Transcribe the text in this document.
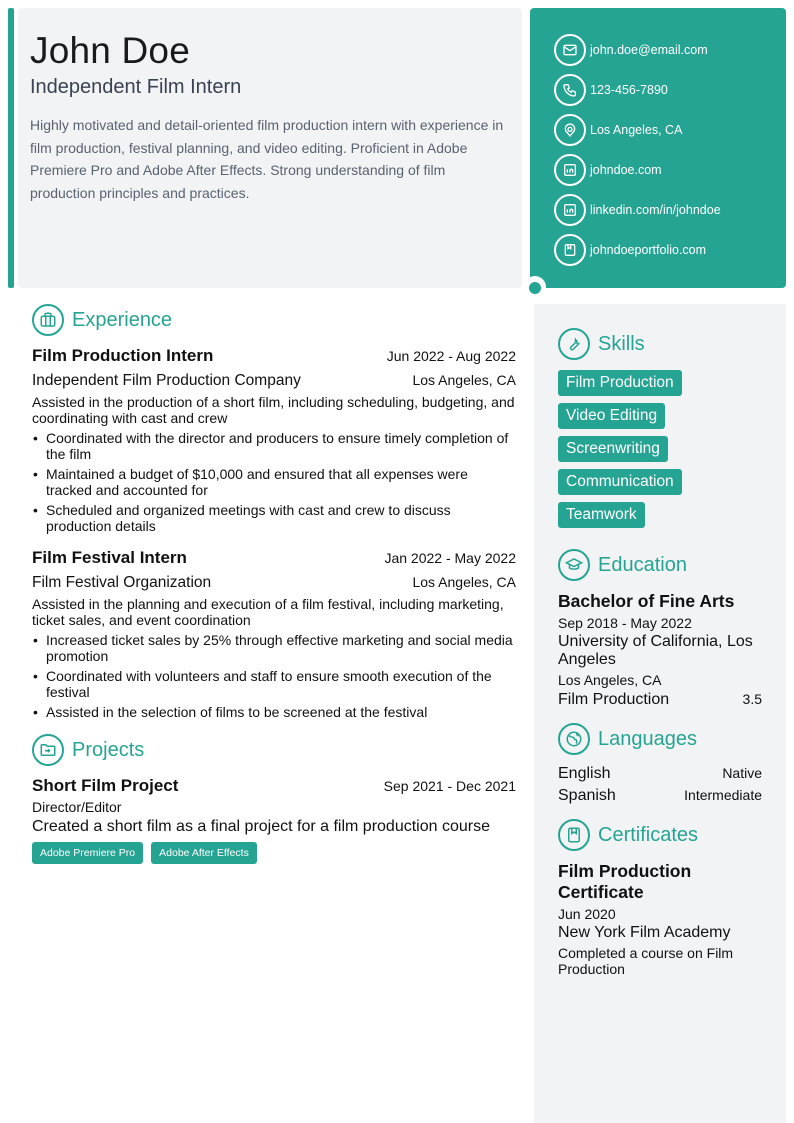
John Doe
Independent Film Intern
Highly motivated and detail-oriented film production intern with experience in film production, festival planning, and video editing. Proficient in Adobe Premiere Pro and Adobe After Effects. Strong understanding of film production principles and practices.
john.doe@email.com
123-456-7890
Los Angeles, CA
johndoe.com
linkedin.com/in/johndoe
johndoeportfolio.com
Experience
Film Production Intern	Jun 2022 - Aug 2022
Independent Film Production Company	Los Angeles, CA
Assisted in the production of a short film, including scheduling, budgeting, and coordinating with cast and crew
• Coordinated with the director and producers to ensure timely completion of the film
• Maintained a budget of $10,000 and ensured that all expenses were tracked and accounted for
• Scheduled and organized meetings with cast and crew to discuss production details
Film Festival Intern	Jan 2022 - May 2022
Film Festival Organization	Los Angeles, CA
Assisted in the planning and execution of a film festival, including marketing, ticket sales, and event coordination
• Increased ticket sales by 25% through effective marketing and social media promotion
• Coordinated with volunteers and staff to ensure smooth execution of the festival
• Assisted in the selection of films to be screened at the festival
Projects
Short Film Project	Sep 2021 - Dec 2021
Director/Editor
Created a short film as a final project for a film production course
Adobe Premiere Pro	Adobe After Effects
Skills
Film Production
Video Editing
Screenwriting
Communication
Teamwork
Education
Bachelor of Fine Arts
Sep 2018 - May 2022
University of California, Los Angeles
Los Angeles, CA
Film Production	3.5
Languages
English	Native
Spanish	Intermediate
Certificates
Film Production Certificate
Jun 2020
New York Film Academy
Completed a course on Film Production
